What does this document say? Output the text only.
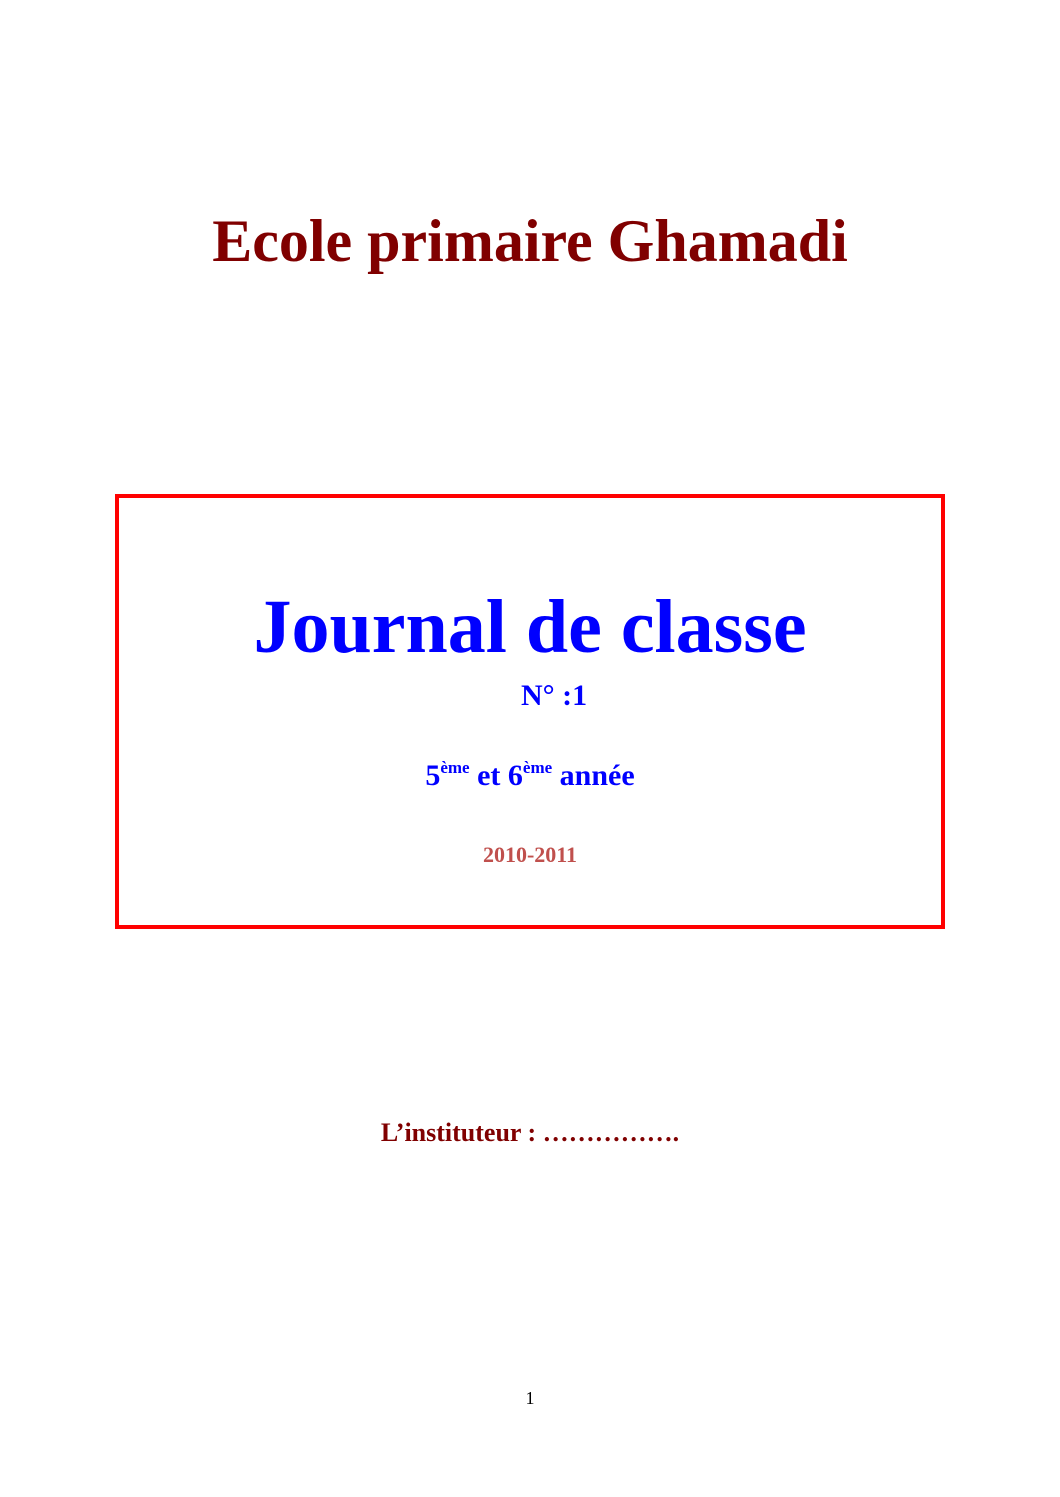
Ecole primaire Ghamadi
Journal de classe
N° :1
5ème et 6ème année
2010-2011
L’instituteur : …………….
1
